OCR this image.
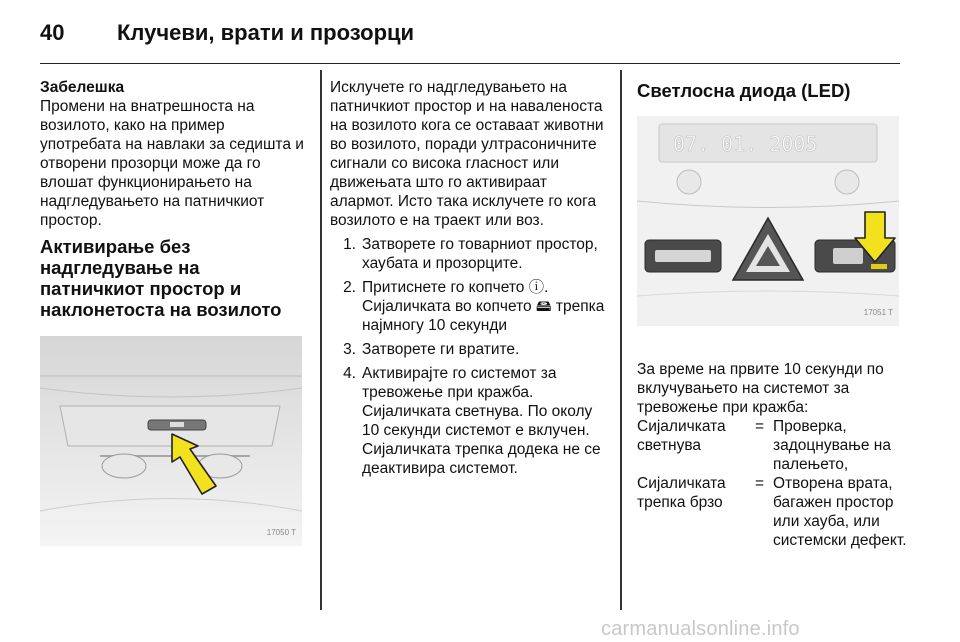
40 Клучеви, врати и прозорци
Забелешка
Промени на внатрешноста на возилото, како на пример употребата на навлаки за седишта и отворени прозорци може да го влошат функционирањето на надгледувањето на патничкиот простор.
Активирање без надгледување на патничкиот простор и наклонетоста на возилото
17050 T
Исклучете го надгледувањето на патничкиот простор и на наваленоста на возилото кога се оставаат животни во возилото, поради ултрасоничните сигнали со висока гласност или движењата што го активираат алармот. Исто така исклучете го кога возилото е на траект или воз.
1. Затворете го товарниот простор, хаубата и прозорците.
2. Притиснете го копчето ⓘ. Сијаличката во копчето 🖴 трепка најмногу 10 секунди
3. Затворете ги вратите.
4. Активирајте го системот за тревожење при кражба. Сијаличката светнува. По околу 10 секунди системот е вклучен. Сијаличката трепка додека не се деактивира системот.
Светлосна диода (LED)
07. 01. 2005
17051 T
За време на првите 10 секунди по вклучувањето на системот за тревожење при кражба:
Сијаличката светнува
= Проверка, задоцнување на палењето,
Сијаличката трепка брзо
= Отворена врата, багажен простор или хауба, или системски дефект.
carmanualsonline.info
